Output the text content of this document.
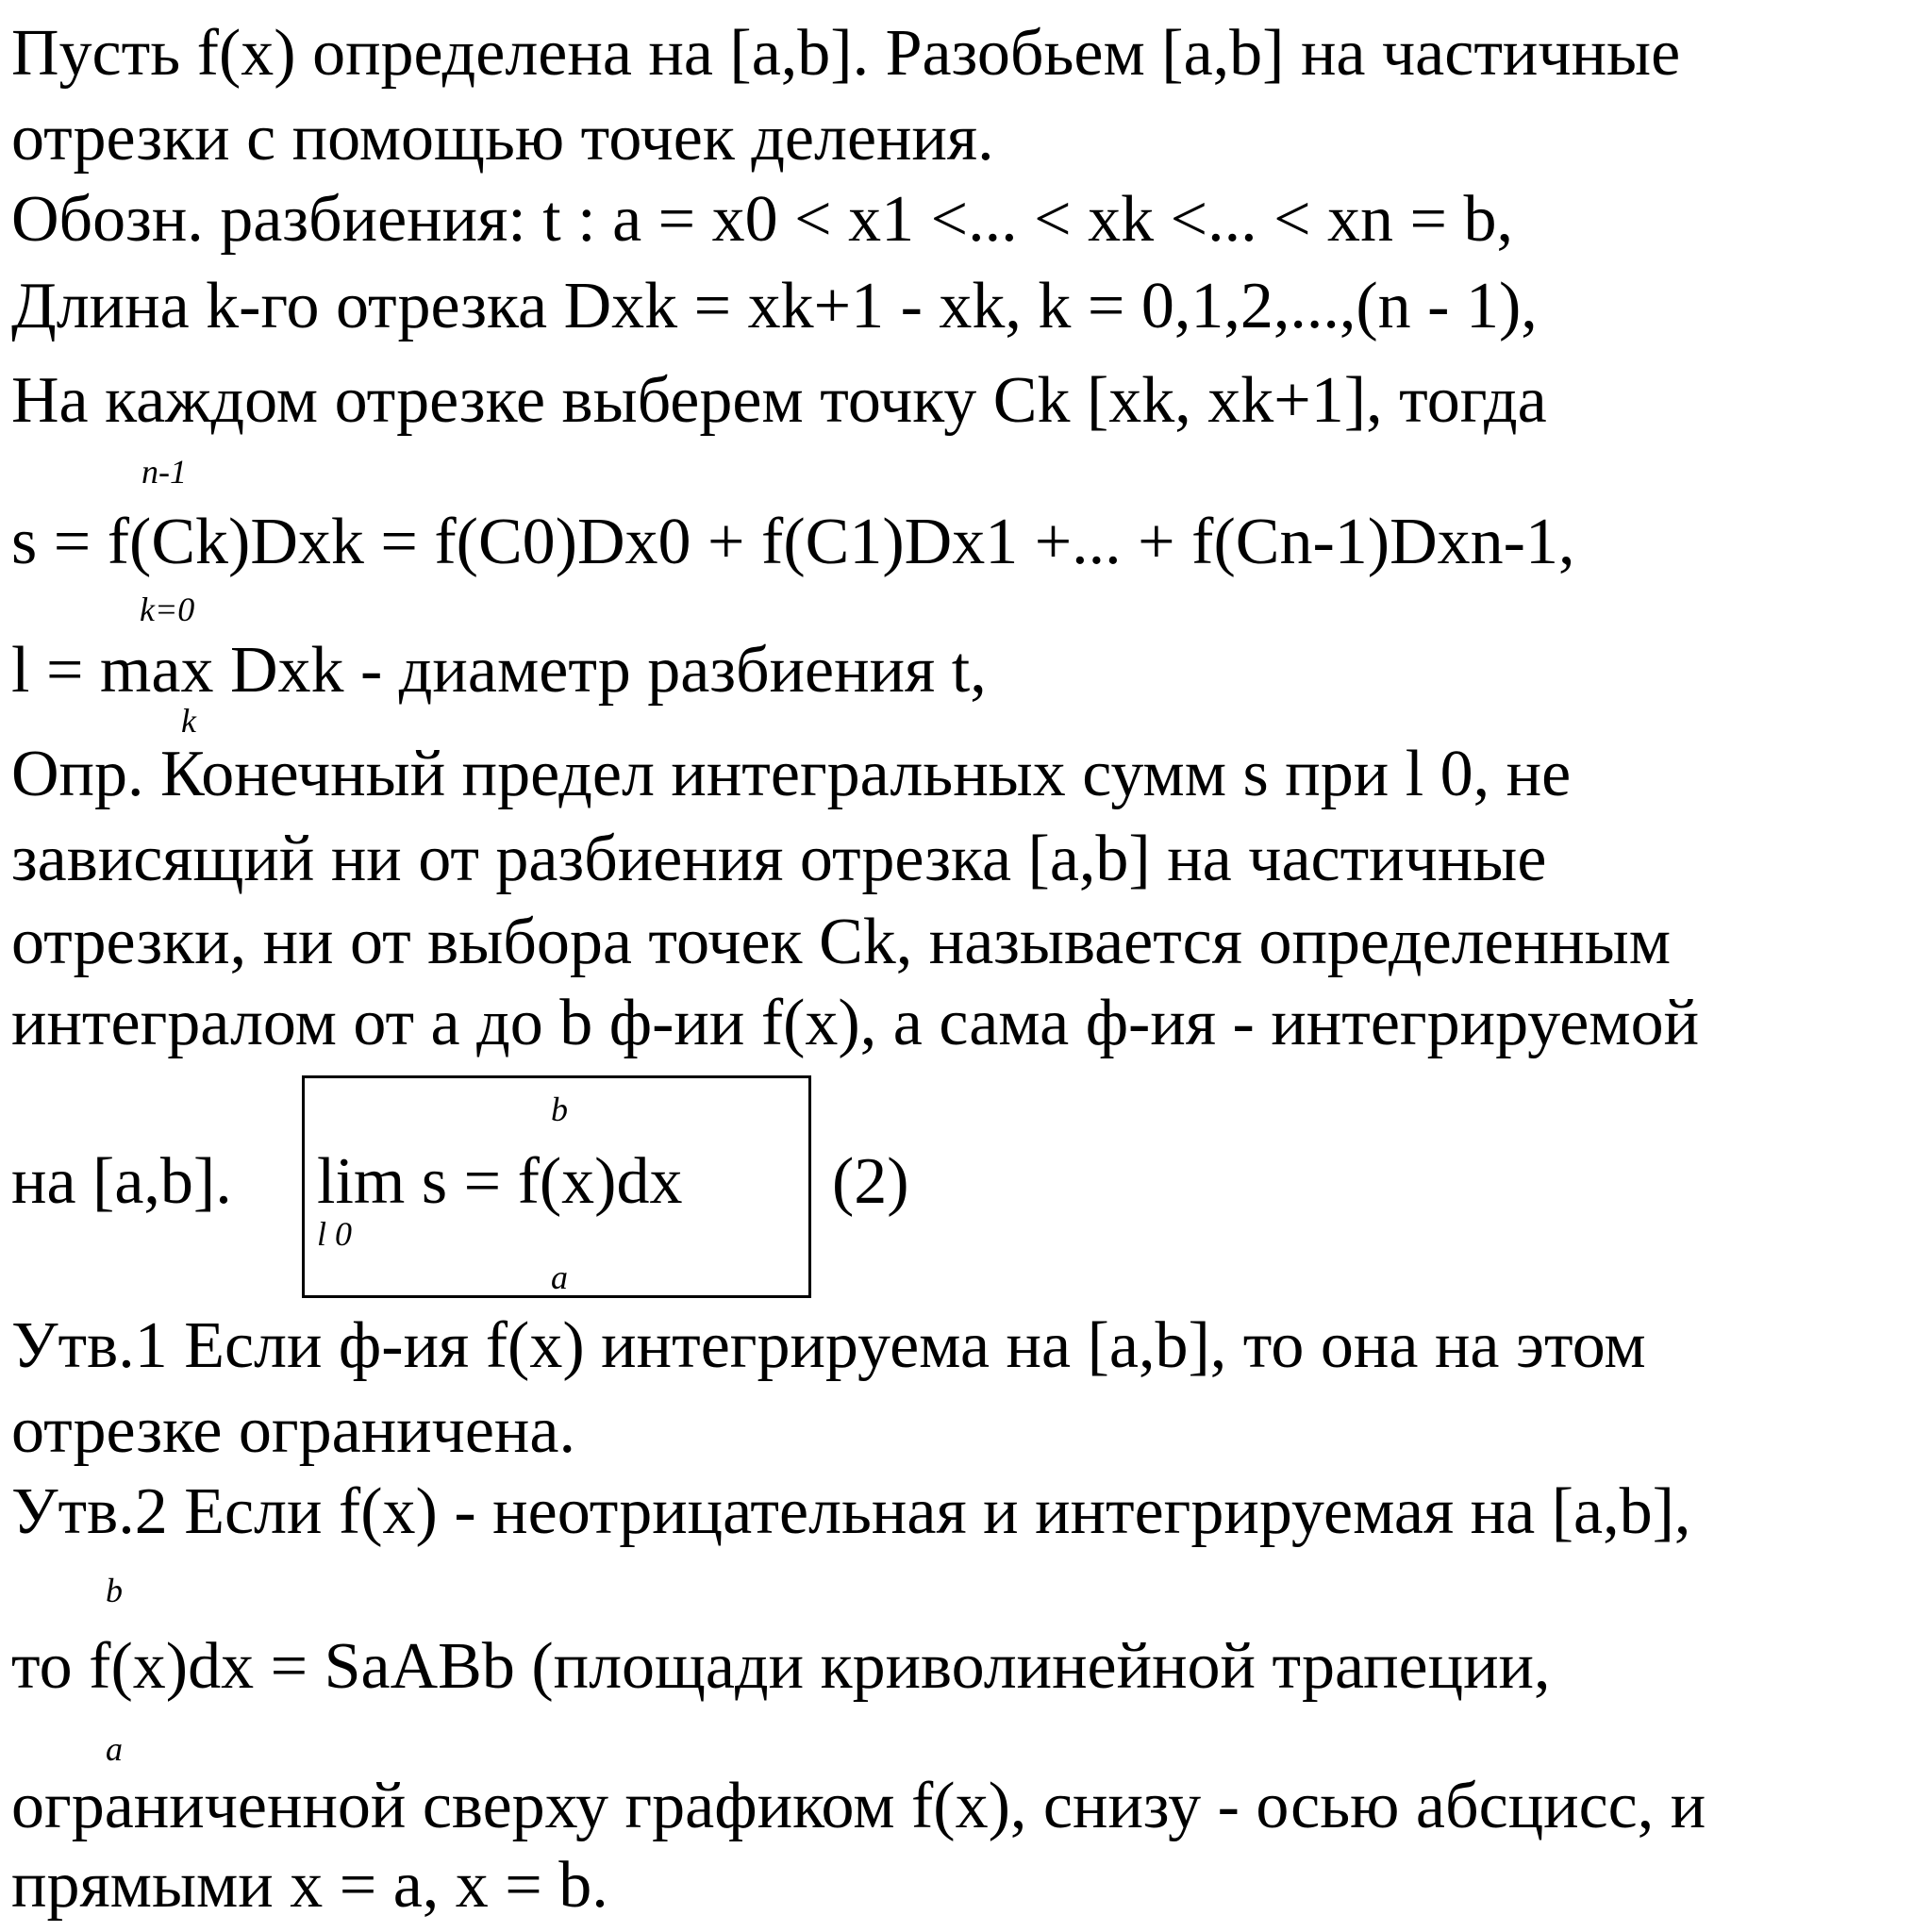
Пусть f(x) определена на [a,b]. Разобьем [a,b] на частичные
отрезки с помощью точек деления.
Обозн. разбиения: t : a = x0 < x1 <... < xk <... < xn = b,
Длина k-го отрезка Dxk = xk+1 - xk, k = 0,1,2,...,(n - 1),
На каждом отрезке выберем точку Ck [xk, xk+1], тогда
n-1
s = f(Ck)Dxk = f(C0)Dx0 + f(C1)Dx1 +... + f(Cn-1)Dxn-1,
k=0
l = max Dxk - диаметр разбиения t,
k
Опр. Конечный предел интегральных сумм s при l 0, не
зависящий ни от разбиения отрезка [a,b] на частичные
отрезки, ни от выбора точек Ck, называется определенным
интегралом от a до b ф-ии f(x), а сама ф-ия - интегрируемой
на [a,b].
b
lim s = f(x)dx
l 0
a
(2)
Утв.1 Если ф-ия f(x) интегрируема на [a,b], то она на этом
отрезке ограничена.
Утв.2 Если f(x) - неотрицательная и интегрируемая на [a,b],
b
то f(x)dx = SaABb (площади криволинейной трапеции,
a
ограниченной сверху графиком f(x), снизу - осью абсцисс, и
прямыми x = a, x = b.
